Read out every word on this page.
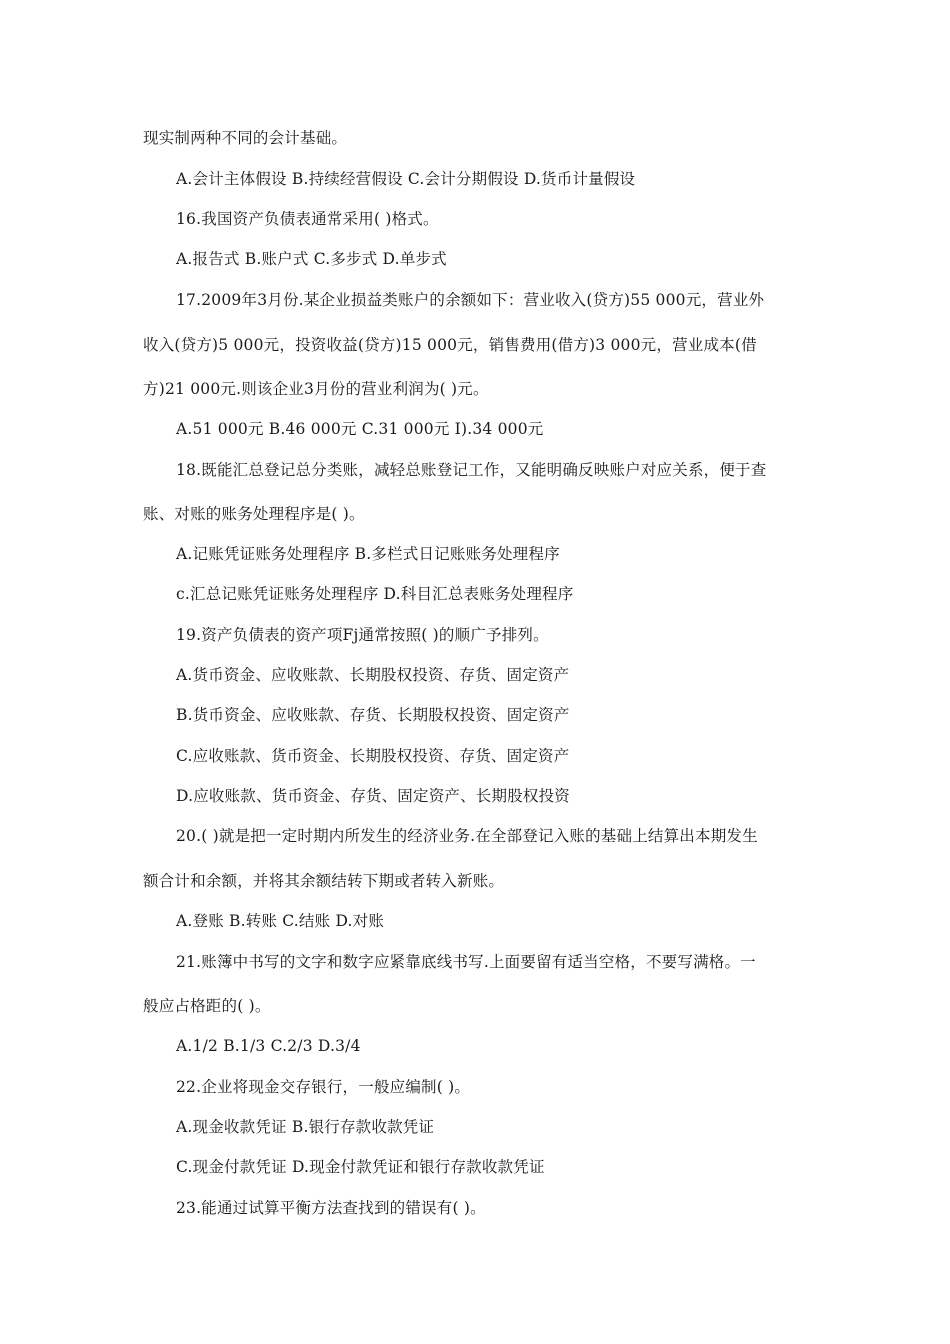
现实制两种不同的会计基础。
A.会计主体假设 B.持续经营假设 C.会计分期假设 D.货币计量假设
16.我国资产负债表通常采用( )格式。
A.报告式 B.账户式 C.多步式 D.单步式
17.2009年3月份.某企业损益类账户的余额如下：营业收入(贷方)55 000元，营业外
收入(贷方)5 000元，投资收益(贷方)15 000元，销售费用(借方)3 000元，营业成本(借
方)21 000元.则该企业3月份的营业利润为( )元。
A.51 000元 B.46 000元 C.31 000元 I).34 000元
18.既能汇总登记总分类账，减轻总账登记工作，又能明确反映账户对应关系，便于查
账、对账的账务处理程序是( )。
A.记账凭证账务处理程序 B.多栏式日记账账务处理程序
c.汇总记账凭证账务处理程序 D.科目汇总表账务处理程序
19.资产负债表的资产项Fj通常按照( )的顺广予排列。
A.货币资金、应收账款、长期股权投资、存货、固定资产
B.货币资金、应收账款、存货、长期股权投资、固定资产
C.应收账款、货币资金、长期股权投资、存货、固定资产
D.应收账款、货币资金、存货、固定资产、长期股权投资
20.( )就是把一定时期内所发生的经济业务.在全部登记入账的基础上结算出本期发生
额合计和余额，并将其余额结转下期或者转入新账。
A.登账 B.转账 C.结账 D.对账
21.账簿中书写的文字和数字应紧靠底线书写.上面要留有适当空格，不要写满格。一
般应占格距的( )。
A.1/2 B.1/3 C.2/3 D.3/4
22.企业将现金交存银行，一般应编制( )。
A.现金收款凭证 B.银行存款收款凭证
C.现金付款凭证 D.现金付款凭证和银行存款收款凭证
23.能通过试算平衡方法查找到的错误有( )。
